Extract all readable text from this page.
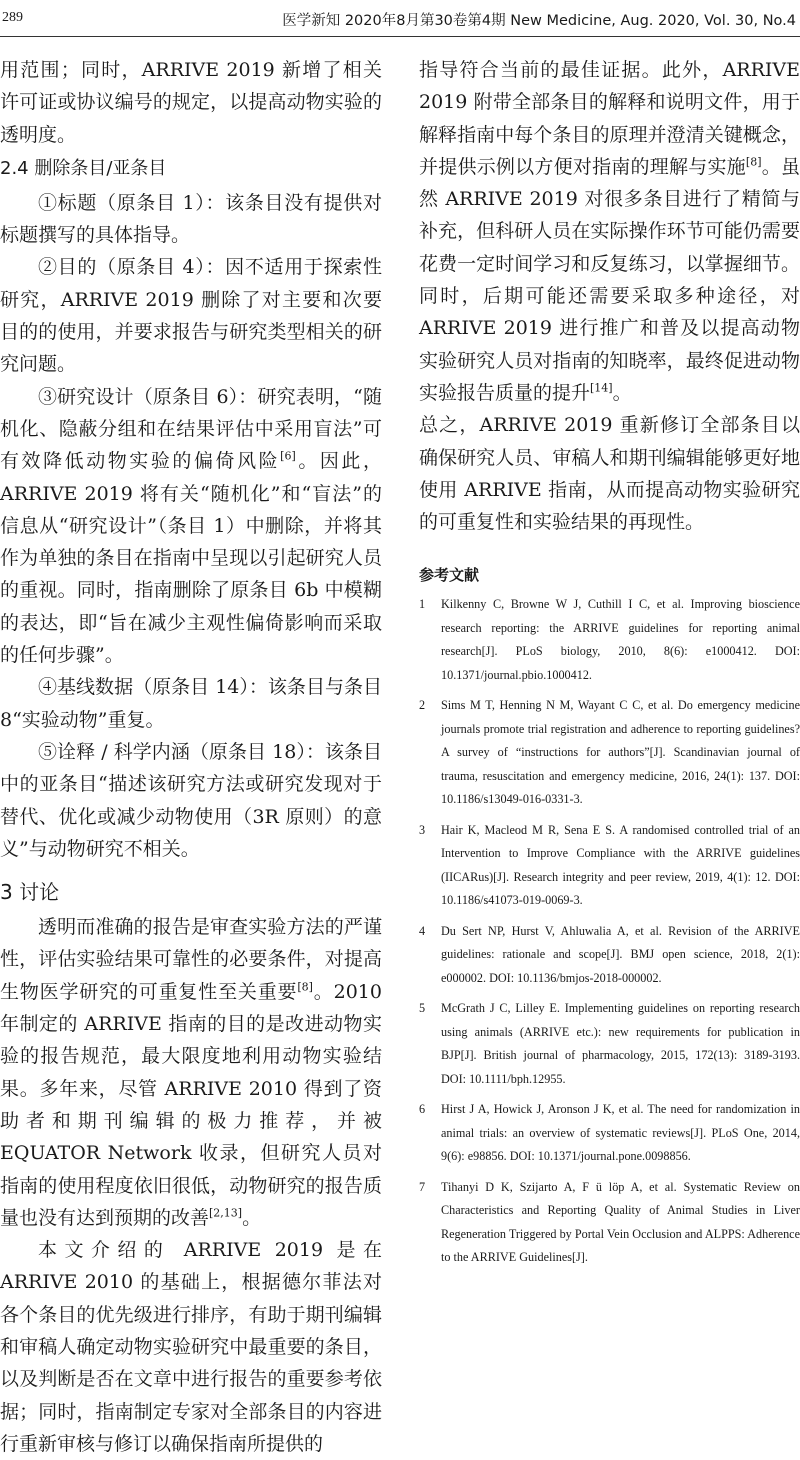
289	医学新知 2020年8月第30卷第4期 New Medicine, Aug. 2020, Vol. 30, No.4

用范围；同时，ARRIVE 2019 新增了相关许可证或协议编号的规定，以提高动物实验的透明度。

2.4 删除条目/亚条目

①标题（原条目 1）：该条目没有提供对标题撰写的具体指导。

②目的（原条目 4）：因不适用于探索性研究，ARRIVE 2019 删除了对主要和次要目的的使用，并要求报告与研究类型相关的研究问题。

③研究设计（原条目 6）：研究表明，“随机化、隐蔽分组和在结果评估中采用盲法”可有效降低动物实验的偏倚风险[6]。因此，ARRIVE 2019 将有关“随机化”和“盲法”的信息从“研究设计”（条目 1）中删除，并将其作为单独的条目在指南中呈现以引起研究人员的重视。同时，指南删除了原条目 6b 中模糊的表达，即“旨在减少主观性偏倚影响而采取的任何步骤”。

④基线数据（原条目 14）：该条目与条目 8“实验动物”重复。

⑤诠释 / 科学内涵（原条目 18）：该条目中的亚条目“描述该研究方法或研究发现对于替代、优化或减少动物使用（3R 原则）的意义”与动物研究不相关。

3 讨论

透明而准确的报告是审查实验方法的严谨性，评估实验结果可靠性的必要条件，对提高生物医学研究的可重复性至关重要[8]。2010 年制定的 ARRIVE 指南的目的是改进动物实验的报告规范，最大限度地利用动物实验结果。多年来，尽管 ARRIVE 2010 得到了资助者和期刊编辑的极力推荐，并被 EQUATOR Network 收录，但研究人员对指南的使用程度依旧很低，动物研究的报告质量也没有达到预期的改善[2,13]。

本文介绍的 ARRIVE 2019 是在 ARRIVE 2010 的基础上，根据德尔菲法对各个条目的优先级进行排序，有助于期刊编辑和审稿人确定动物实验研究中最重要的条目，以及判断是否在文章中进行报告的重要参考依据；同时，指南制定专家对全部条目的内容进行重新审核与修订以确保指南所提供的

指导符合当前的最佳证据。此外，ARRIVE 2019 附带全部条目的解释和说明文件，用于解释指南中每个条目的原理并澄清关键概念，并提供示例以方便对指南的理解与实施[8]。虽然 ARRIVE 2019 对很多条目进行了精简与补充，但科研人员在实际操作环节可能仍需要花费一定时间学习和反复练习，以掌握细节。同时，后期可能还需要采取多种途径，对 ARRIVE 2019 进行推广和普及以提高动物实验研究人员对指南的知晓率，最终促进动物实验报告质量的提升[14]。

总之，ARRIVE 2019 重新修订全部条目以确保研究人员、审稿人和期刊编辑能够更好地使用 ARRIVE 指南，从而提高动物实验研究的可重复性和实验结果的再现性。

参考文献
1	Kilkenny C, Browne W J, Cuthill I C, et al. Improving bioscience research reporting: the ARRIVE guidelines for reporting animal research[J]. PLoS biology, 2010, 8(6): e1000412. DOI: 10.1371/journal.pbio.1000412.
2	Sims M T, Henning N M, Wayant C C, et al. Do emergency medicine journals promote trial registration and adherence to reporting guidelines? A survey of “instructions for authors”[J]. Scandinavian journal of trauma, resuscitation and emergency medicine, 2016, 24(1): 137. DOI: 10.1186/s13049-016-0331-3.
3	Hair K, Macleod M R, Sena E S. A randomised controlled trial of an Intervention to Improve Compliance with the ARRIVE guidelines (IICARus)[J]. Research integrity and peer review, 2019, 4(1): 12. DOI: 10.1186/s41073-019-0069-3.
4	Du Sert NP, Hurst V, Ahluwalia A, et al. Revision of the ARRIVE guidelines: rationale and scope[J]. BMJ open science, 2018, 2(1): e000002. DOI: 10.1136/bmjos-2018-000002.
5	McGrath J C, Lilley E. Implementing guidelines on reporting research using animals (ARRIVE etc.): new requirements for publication in BJP[J]. British journal of pharmacology, 2015, 172(13): 3189-3193. DOI: 10.1111/bph.12955.
6	Hirst J A, Howick J, Aronson J K, et al. The need for randomization in animal trials: an overview of systematic reviews[J]. PLoS One, 2014, 9(6): e98856. DOI: 10.1371/journal.pone.0098856.
7	Tihanyi D K, Szijarto A, F ü löp A, et al. Systematic Review on Characteristics and Reporting Quality of Animal Studies in Liver Regeneration Triggered by Portal Vein Occlusion and ALPPS: Adherence to the ARRIVE Guidelines[J].
